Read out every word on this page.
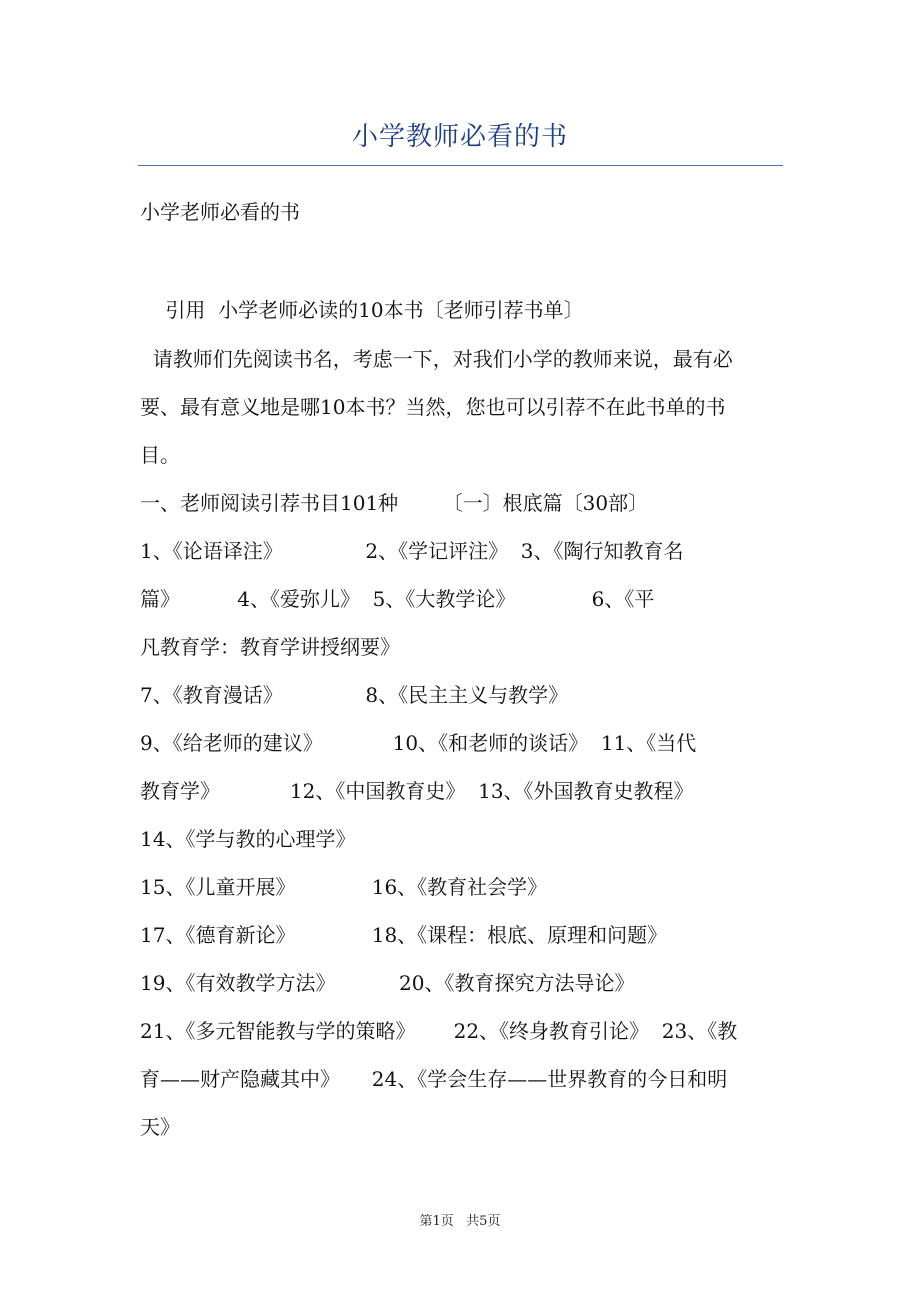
小学教师必看的书

小学老师必看的书

引用  小学老师必读的10本书〔老师引荐书单〕

请教师们先阅读书名，考虑一下，对我们小学的教师来说，最有必

要、最有意义地是哪10本书？当然，您也可以引荐不在此书单的书

目。

一、老师阅读引荐书目101种       〔一〕根底篇〔30部〕

1、《论语译注》             2、《学记评注》  3、《陶行知教育名

篇》         4、《爱弥儿》  5、《大教学论》            6、《平

凡教育学：教育学讲授纲要》

7、《教育漫话》             8、《民主主义与教学》

9、《给老师的建议》           10、《和老师的谈话》  11、《当代

教育学》           12、《中国教育史》  13、《外国教育史教程》

14、《学与教的心理学》

15、《儿童开展》            16、《教育社会学》

17、《德育新论》            18、《课程：根底、原理和问题》

19、《有效教学方法》          20、《教育探究方法导论》

21、《多元智能教与学的策略》      22、《终身教育引论》  23、《教

育——财产隐藏其中》     24、《学会生存——世界教育的今日和明

天》

第1页   共5页
